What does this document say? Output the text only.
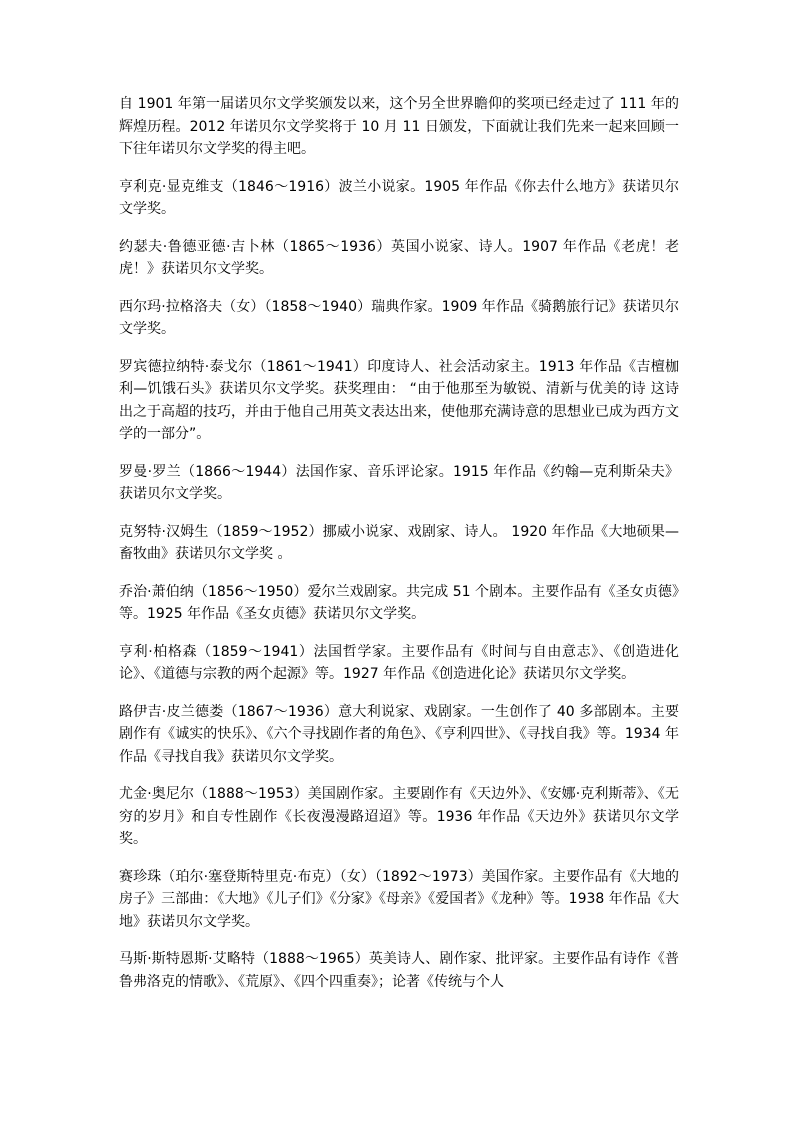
自 1901 年第一届诺贝尔文学奖颁发以来，这个另全世界瞻仰的奖项已经走过了 111 年的辉煌历程。2012 年诺贝尔文学奖将于 10 月 11 日颁发，下面就让我们先来一起来回顾一下往年诺贝尔文学奖的得主吧。

亨利克·显克维支（1846～1916）波兰小说家。1905 年作品《你去什么地方》获诺贝尔文学奖。

约瑟夫·鲁德亚德·吉卜林（1865～1936）英国小说家、诗人。1907 年作品《老虎！老虎！》获诺贝尔文学奖。

西尔玛·拉格洛夫（女）（1858～1940）瑞典作家。1909 年作品《骑鹅旅行记》获诺贝尔文学奖。

罗宾德拉纳特·泰戈尔（1861～1941）印度诗人、社会活动家主。1913 年作品《吉檀枷利—饥饿石头》获诺贝尔文学奖。获奖理由： “由于他那至为敏锐、清新与优美的诗 这诗出之于高超的技巧，并由于他自己用英文表达出来，使他那充满诗意的思想业已成为西方文学的一部分”。

罗曼·罗兰（1866～1944）法国作家、音乐评论家。1915 年作品《约翰—克利斯朵夫》获诺贝尔文学奖。

克努特·汉姆生（1859～1952）挪威小说家、戏剧家、诗人。 1920 年作品《大地硕果—畜牧曲》获诺贝尔文学奖 。

乔治·萧伯纳（1856～1950）爱尔兰戏剧家。共完成 51 个剧本。主要作品有《圣女贞德》等。1925 年作品《圣女贞德》获诺贝尔文学奖。

亨利·柏格森（1859～1941）法国哲学家。主要作品有《时间与自由意志》、《创造进化论》、《道德与宗教的两个起源》等。1927 年作品《创造进化论》获诺贝尔文学奖。

路伊吉·皮兰德娄（1867～1936）意大利说家、戏剧家。一生创作了 40 多部剧本。主要剧作有《诚实的快乐》、《六个寻找剧作者的角色》、《亨利四世》、《寻找自我》等。1934 年作品《寻找自我》获诺贝尔文学奖。

尤金·奥尼尔（1888～1953）美国剧作家。主要剧作有《天边外》、《安娜·克利斯蒂》、《无穷的岁月》和自专性剧作《长夜漫漫路迢迢》等。1936 年作品《天边外》获诺贝尔文学奖。

赛珍珠（珀尔·塞登斯特里克·布克）（女）（1892～1973）美国作家。主要作品有《大地的房子》三部曲：《大地》《儿子们》《分家》《母亲》《爱国者》《龙种》等。1938 年作品《大地》获诺贝尔文学奖。

马斯·斯特恩斯·艾略特（1888～1965）英美诗人、剧作家、批评家。主要作品有诗作《普鲁弗洛克的情歌》、《荒原》、《四个四重奏》；论著《传统与个人
